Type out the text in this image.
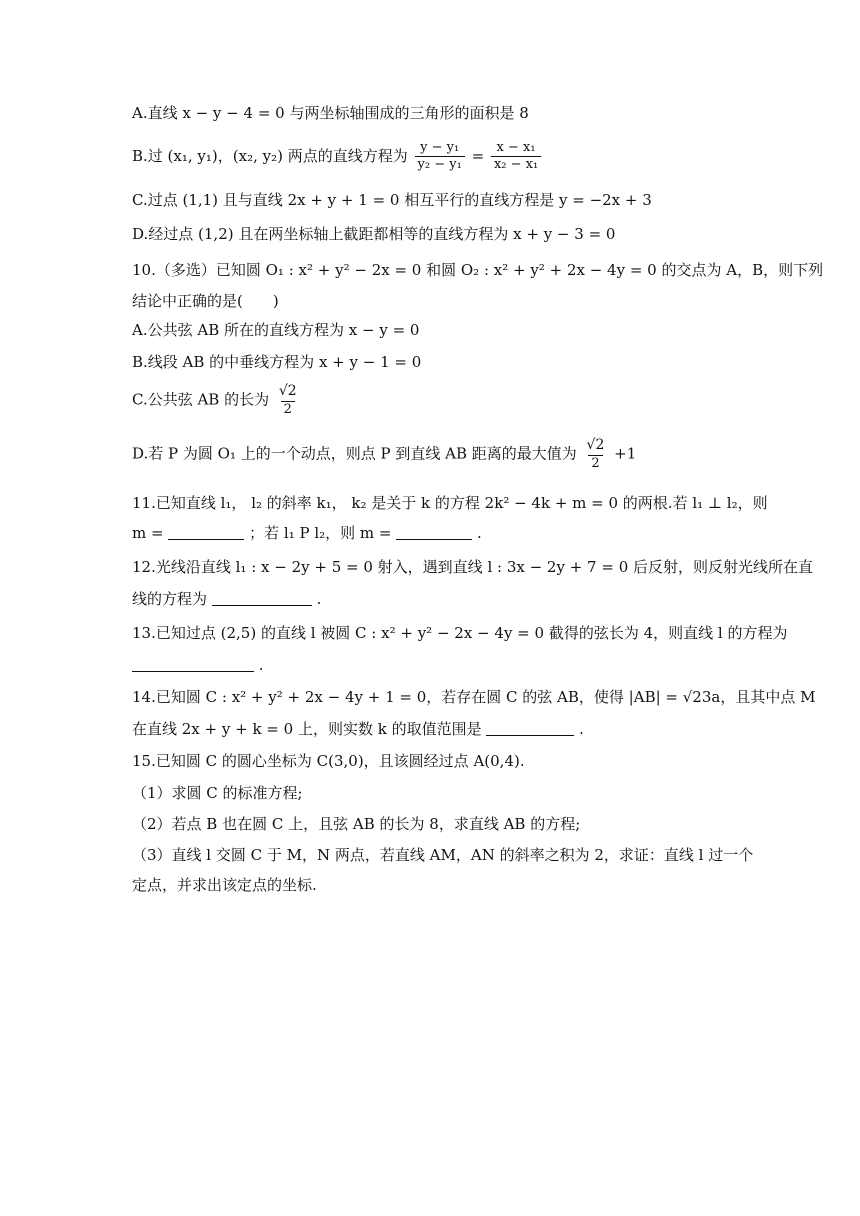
A.直线 x − y − 4 = 0 与两坐标轴围成的三角形的面积是 8
B.过 (x₁, y₁)，(x₂, y₂) 两点的直线方程为 $\frac{\text{y − y₁}}{\text{y₂ − y₁}} = \frac{\text{x − x₁}}{\text{x₂ − x₁}}$
C.过点 (1,1) 且与直线 2x + y + 1 = 0 相互平行的直线方程是 y = −2x + 3
D.经过点 (1,2) 且在两坐标轴上截距都相等的直线方程为 x + y − 3 = 0
10.（多选）已知圆 O₁ : x² + y² − 2x = 0 和圆 O₂ : x² + y² + 2x − 4y = 0 的交点为 A，B，则下列
结论中正确的是(　　)
A.公共弦 AB 所在的直线方程为 x − y = 0
B.线段 AB 的中垂线方程为 x + y − 1 = 0
C.公共弦 AB 的长为 $\frac{√2}{2}$
D.若 P 为圆 O₁ 上的一个动点，则点 P 到直线 AB 距离的最大值为 $\frac{√2}{2} +1$
11.已知直线 l₁， l₂ 的斜率 k₁， k₂ 是关于 k 的方程 2k² − 4k + m = 0 的两根.若 l₁ ⊥ l₂，则
m =	；若 l₁ P l₂，则 m =	.
12.光线沿直线 l₁ : x − 2y + 5 = 0 射入，遇到直线 l : 3x − 2y + 7 = 0 后反射，则反射光线所在直
线的方程为	.
13.已知过点 (2,5) 的直线 l 被圆 C : x² + y² − 2x − 4y = 0 截得的弦长为 4，则直线 l 的方程为
.
14.已知圆 C : x² + y² + 2x − 4y + 1 = 0，若存在圆 C 的弦 AB，使得 |AB| = √23a，且其中点 M
在直线 2x + y + k = 0 上，则实数 k 的取值范围是	.
15.已知圆 C 的圆心坐标为 C(3,0)，且该圆经过点 A(0,4).
（1）求圆 C 的标准方程;
（2）若点 B 也在圆 C 上，且弦 AB 的长为 8，求直线 AB 的方程;
（3）直线 l 交圆 C 于 M，N 两点，若直线 AM，AN 的斜率之积为 2，求证：直线 l 过一个
定点，并求出该定点的坐标.
